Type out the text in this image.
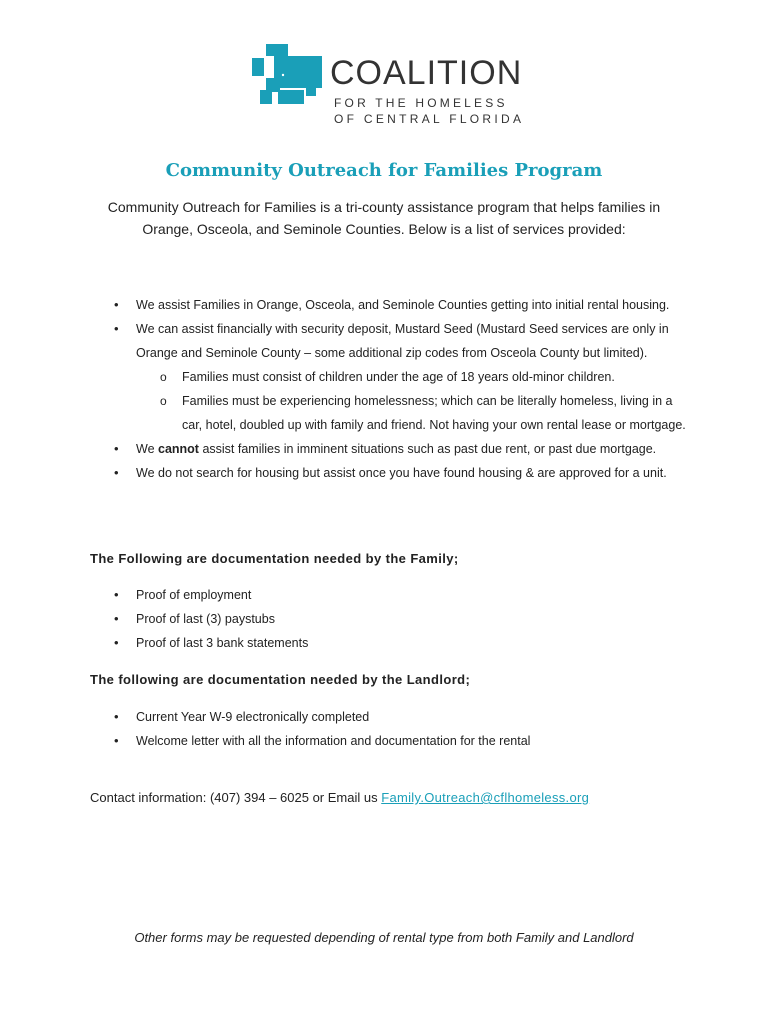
COALITION
FOR THE HOMELESS
OF CENTRAL FLORIDA
Community Outreach for Families Program

Community Outreach for Families is a tri-county assistance program that helps families in Orange, Osceola, and Seminole Counties. Below is a list of services provided:

• We assist Families in Orange, Osceola, and Seminole Counties getting into initial rental housing.
• We can assist financially with security deposit, Mustard Seed (Mustard Seed services are only in Orange and Seminole County – some additional zip codes from Osceola County but limited).
o Families must consist of children under the age of 18 years old-minor children.
o Families must be experiencing homelessness; which can be literally homeless, living in a car, hotel, doubled up with family and friend. Not having your own rental lease or mortgage.
• We cannot assist families in imminent situations such as past due rent, or past due mortgage.
• We do not search for housing but assist once you have found housing & are approved for a unit.
The Following are documentation needed by the Family;
• Proof of employment
• Proof of last (3) paystubs
• Proof of last 3 bank statements
The following are documentation needed by the Landlord;
• Current Year W-9 electronically completed
• Welcome letter with all the information and documentation for the rental
Contact information: (407) 394 – 6025 or Email us Family.Outreach@cflhomeless.org

Other forms may be requested depending of rental type from both Family and Landlord
